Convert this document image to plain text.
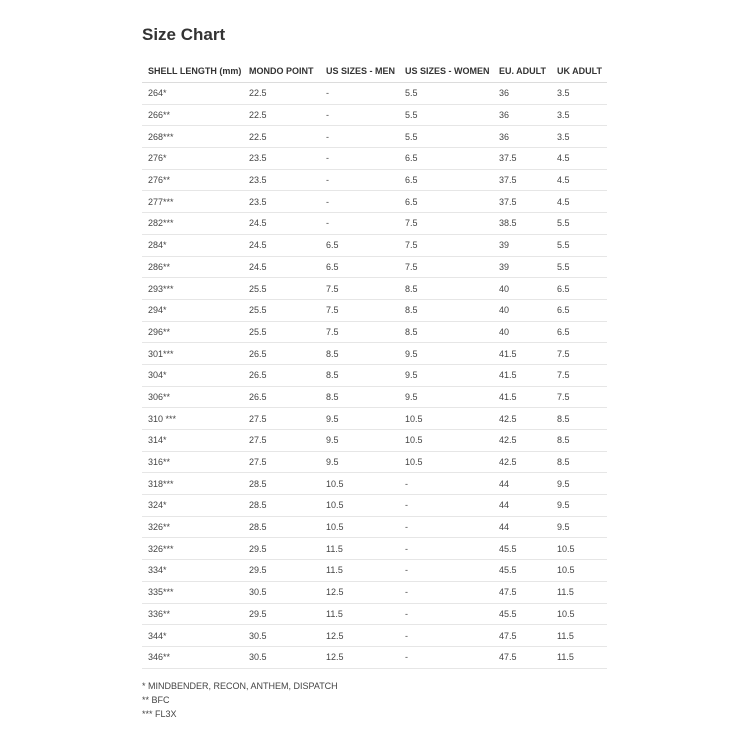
Size Chart
SHELL LENGTH (mm)	MONDO POINT	US SIZES - MEN	US SIZES - WOMEN	EU. ADULT	UK ADULT
264*	22.5	-	5.5	36	3.5
266**	22.5	-	5.5	36	3.5
268***	22.5	-	5.5	36	3.5
276*	23.5	-	6.5	37.5	4.5
276**	23.5	-	6.5	37.5	4.5
277***	23.5	-	6.5	37.5	4.5
282***	24.5	-	7.5	38.5	5.5
284*	24.5	6.5	7.5	39	5.5
286**	24.5	6.5	7.5	39	5.5
293***	25.5	7.5	8.5	40	6.5
294*	25.5	7.5	8.5	40	6.5
296**	25.5	7.5	8.5	40	6.5
301***	26.5	8.5	9.5	41.5	7.5
304*	26.5	8.5	9.5	41.5	7.5
306**	26.5	8.5	9.5	41.5	7.5
310 ***	27.5	9.5	10.5	42.5	8.5
314*	27.5	9.5	10.5	42.5	8.5
316**	27.5	9.5	10.5	42.5	8.5
318***	28.5	10.5	-	44	9.5
324*	28.5	10.5	-	44	9.5
326**	28.5	10.5	-	44	9.5
326***	29.5	11.5	-	45.5	10.5
334*	29.5	11.5	-	45.5	10.5
335***	30.5	12.5	-	47.5	11.5
336**	29.5	11.5	-	45.5	10.5
344*	30.5	12.5	-	47.5	11.5
346**	30.5	12.5	-	47.5	11.5
* MINDBENDER, RECON, ANTHEM, DISPATCH
** BFC
*** FL3X
